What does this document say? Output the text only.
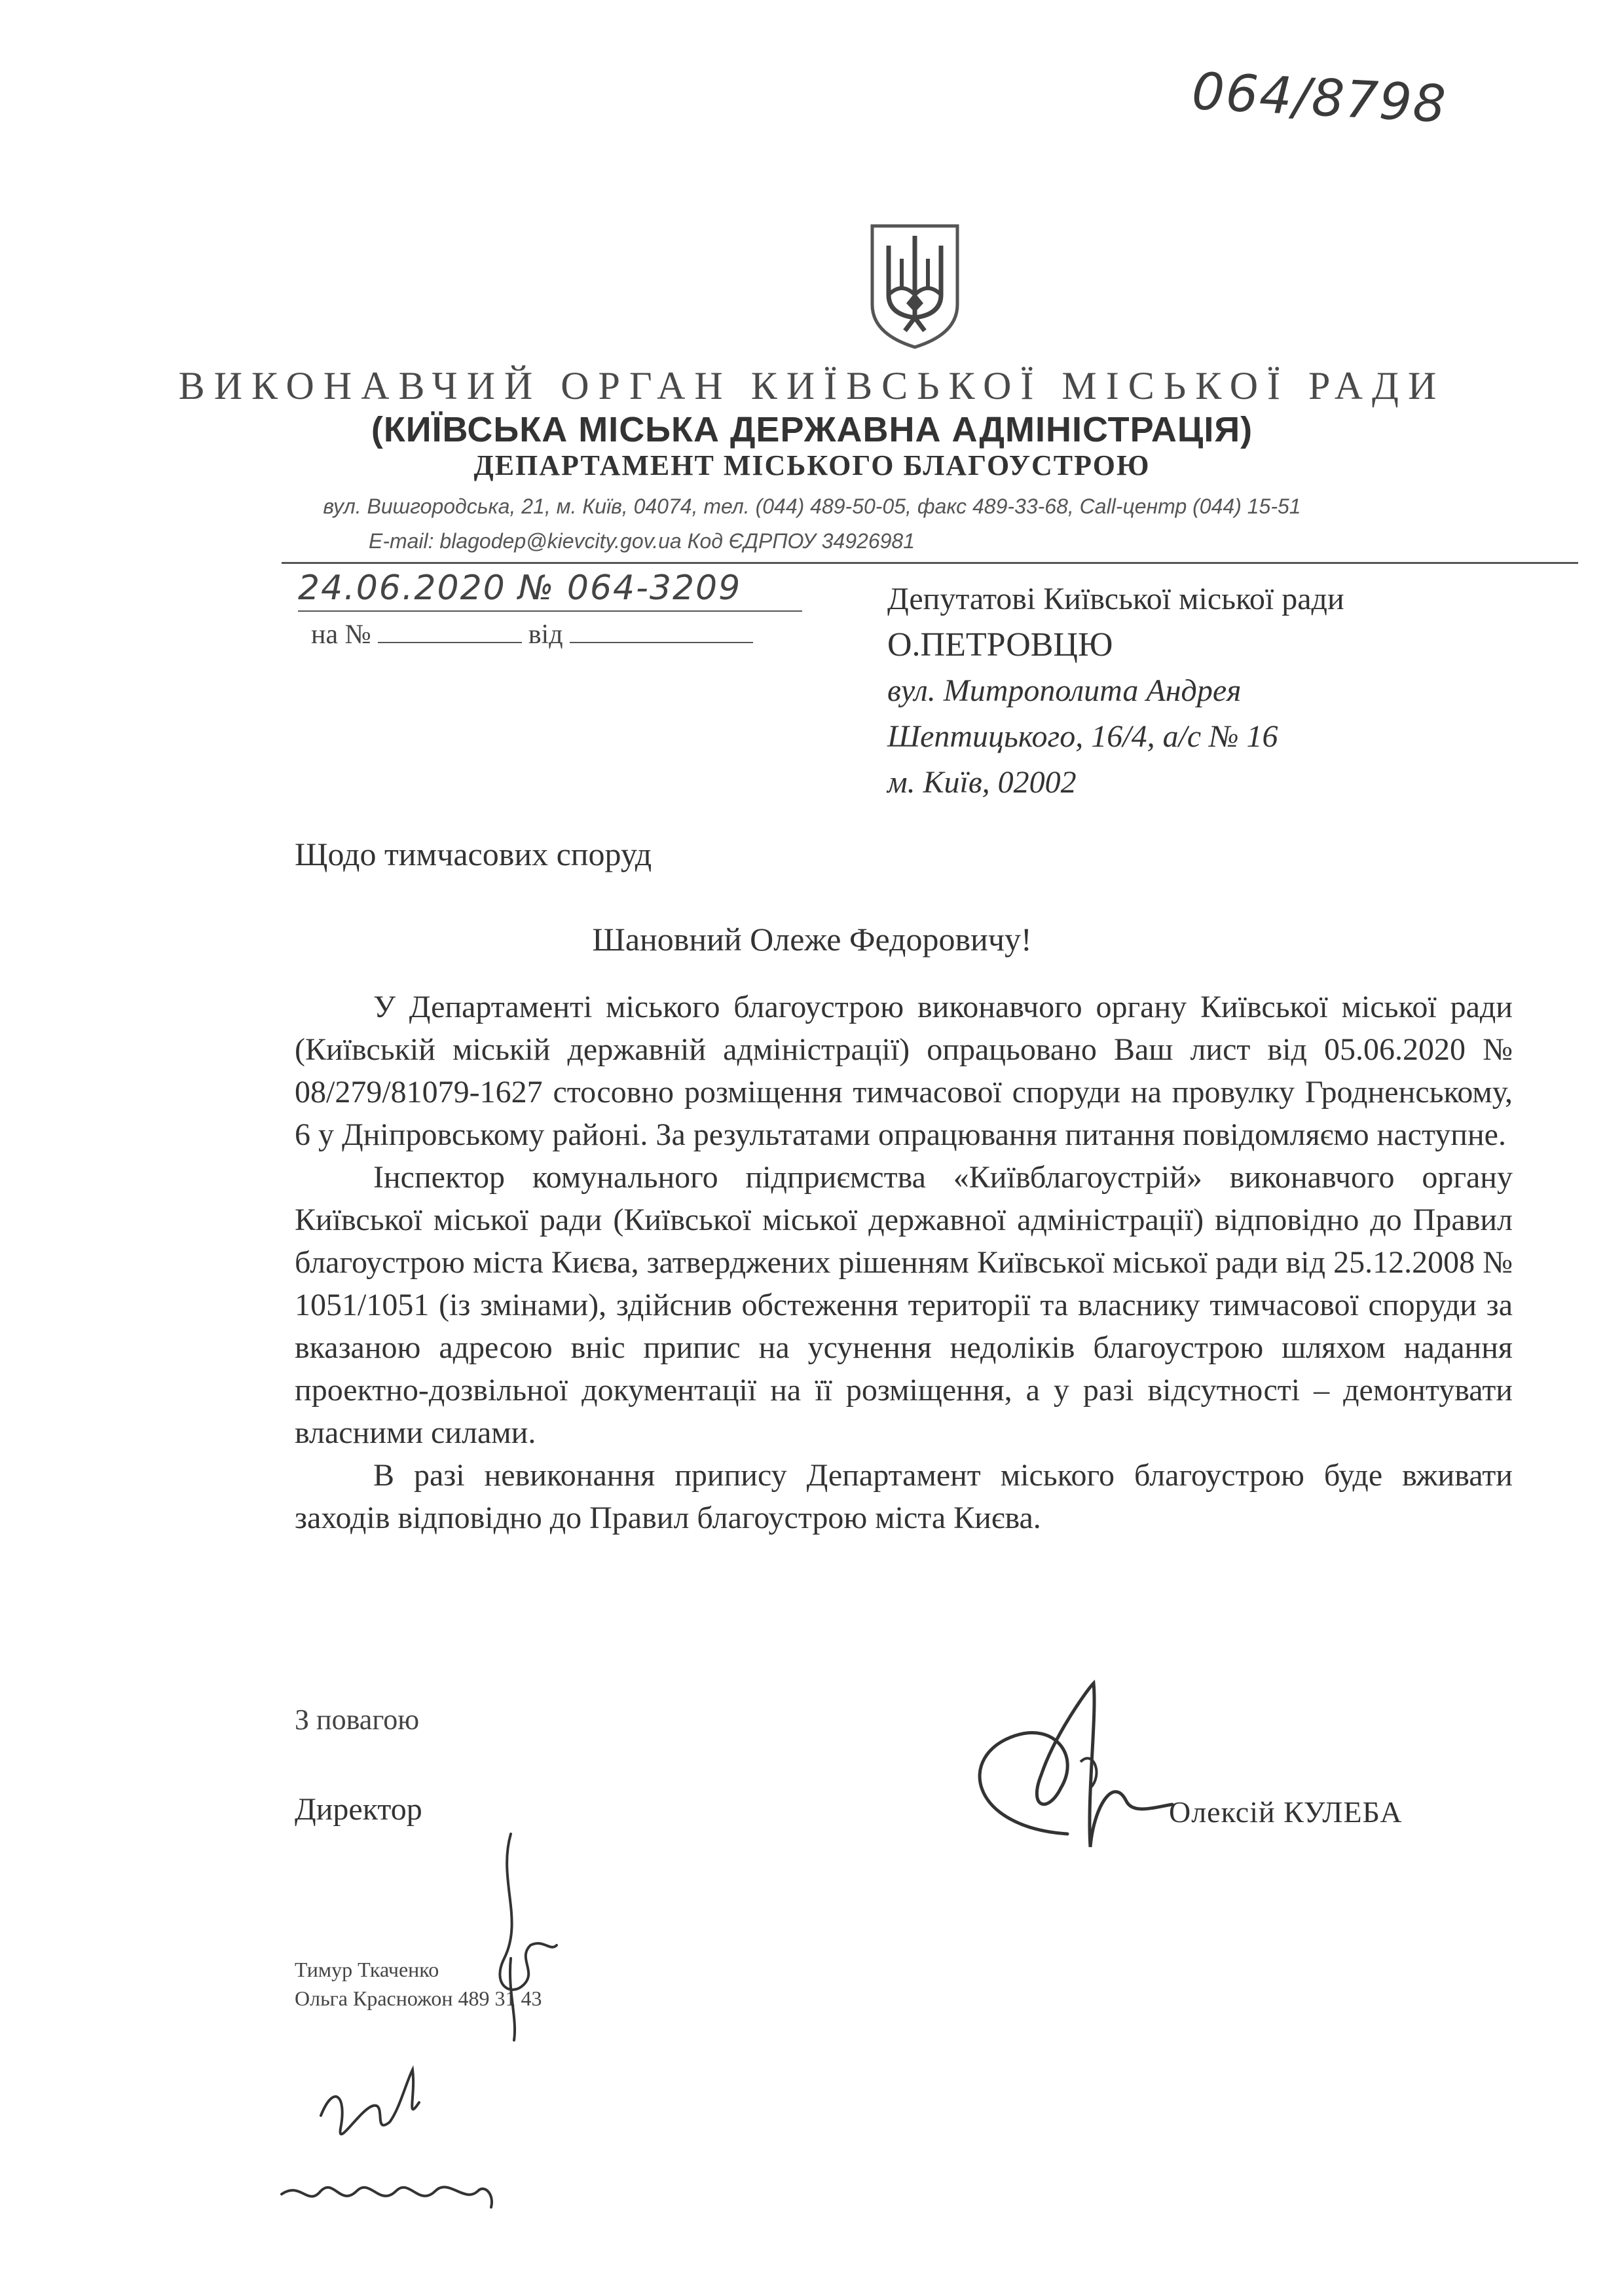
064/8798
ВИКОНАВЧИЙ ОРГАН КИЇВСЬКОЇ МІСЬКОЇ РАДИ
(КИЇВСЬКА МІСЬКА ДЕРЖАВНА АДМІНІСТРАЦІЯ)
ДЕПАРТАМЕНТ МІСЬКОГО БЛАГОУСТРОЮ
вул. Вишгородська, 21, м. Київ, 04074, тел. (044) 489-50-05, факс 489-33-68, Call-центр (044) 15-51
E-mail: blagodep@kievcity.gov.ua Код ЄДРПОУ 34926981
24.06.2020 № 064-3209
на №	від
Депутатові Київської міської ради
О.ПЕТРОВЦЮ
вул. Митрополита Андрея
Шептицького, 16/4, а/с № 16
м. Київ, 02002
Щодо тимчасових споруд
Шановний Олеже Федоровичу!

У Департаменті міського благоустрою виконавчого органу Київської міської ради (Київській міській державній адміністрації) опрацьовано Ваш лист від 05.06.2020 № 08/279/81079-1627 стосовно розміщення тимчасової споруди на провулку Гродненському, 6 у Дніпровському районі. За результатами опрацювання питання повідомляємо наступне.

Інспектор комунального підприємства «Київблагоустрій» виконавчого органу Київської міської ради (Київської міської державної адміністрації) відповідно до Правил благоустрою міста Києва, затверджених рішенням Київської міської ради від 25.12.2008 № 1051/1051 (із змінами), здійснив обстеження території та власнику тимчасової споруди за вказаною адресою вніс припис на усунення недоліків благоустрою шляхом надання проектно-дозвільної документації на її розміщення, а у разі відсутності – демонтувати власними силами.

В разі невиконання припису Департамент міського благоустрою буде вживати заходів відповідно до Правил благоустрою міста Києва.

З повагою
Директор	Олексій КУЛЕБА
Тимур Ткаченко
Ольга Красножон 489 31 43
